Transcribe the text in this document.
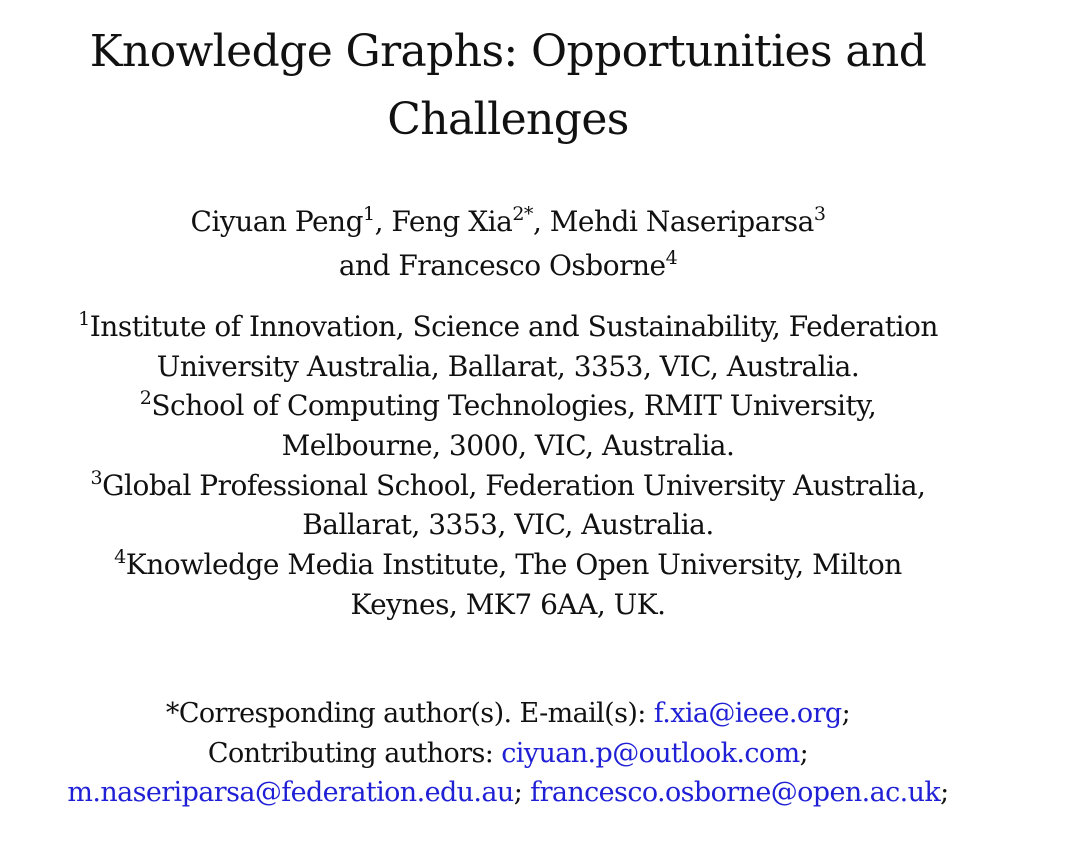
Knowledge Graphs: Opportunities and
Challenges
Ciyuan Peng$^1$, Feng Xia$^{2*}$, Mehdi Naseriparsa$^3$
and Francesco Osborne$^4$
$^1$Institute of Innovation, Science and Sustainability, Federation
University Australia, Ballarat, 3353, VIC, Australia.
$^2$School of Computing Technologies, RMIT University,
Melbourne, 3000, VIC, Australia.
$^3$Global Professional School, Federation University Australia,
Ballarat, 3353, VIC, Australia.
$^4$Knowledge Media Institute, The Open University, Milton
Keynes, MK7 6AA, UK.
*Corresponding author(s). E-mail(s): f.xia@ieee.org;
Contributing authors: ciyuan.p@outlook.com;
m.naseriparsa@federation.edu.au; francesco.osborne@open.ac.uk;
